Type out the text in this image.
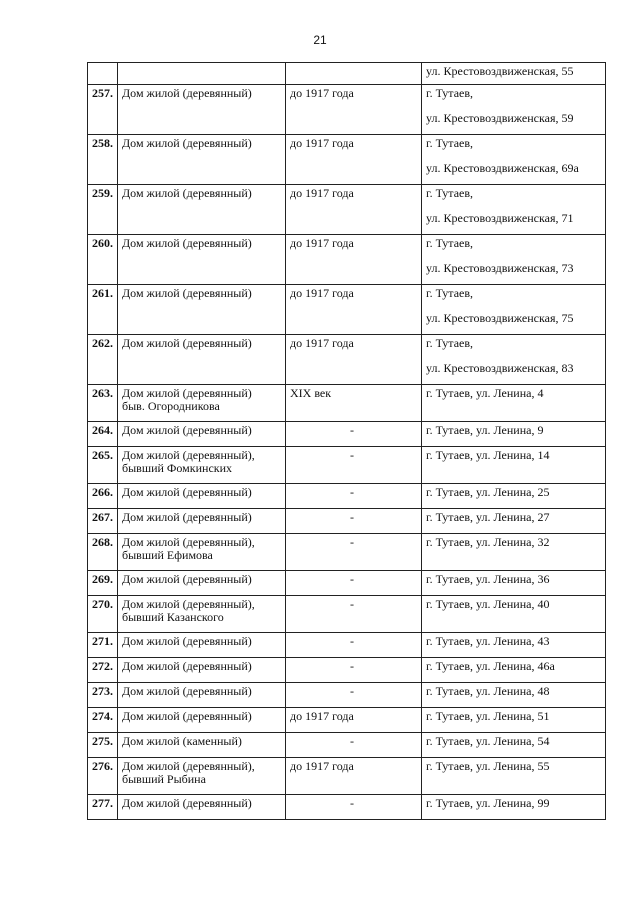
21
			ул. Крестовоздвиженская, 55
257.	Дом жилой (деревянный)	до 1917 года	г. Тутаев,
ул. Крестовоздвиженская, 59

258.	Дом жилой (деревянный)	до 1917 года	г. Тутаев,
ул. Крестовоздвиженская, 69а

259.	Дом жилой (деревянный)	до 1917 года	г. Тутаев,
ул. Крестовоздвиженская, 71

260.	Дом жилой (деревянный)	до 1917 года	г. Тутаев,
ул. Крестовоздвиженская, 73

261.	Дом жилой (деревянный)	до 1917 года	г. Тутаев,
ул. Крестовоздвиженская, 75

262.	Дом жилой (деревянный)	до 1917 года	г. Тутаев,
ул. Крестовоздвиженская, 83

263.	Дом жилой (деревянный)
быв. Огородникова	XIX век	г. Тутаев, ул. Ленина, 4

264.	Дом жилой (деревянный)	-	г. Тутаев, ул. Ленина, 9

265.	Дом жилой (деревянный),
бывший Фомкинских	-	г. Тутаев, ул. Ленина, 14

266.	Дом жилой (деревянный)	-	г. Тутаев, ул. Ленина, 25

267.	Дом жилой (деревянный)	-	г. Тутаев, ул. Ленина, 27

268.	Дом жилой (деревянный),
бывший Ефимова	-	г. Тутаев, ул. Ленина, 32

269.	Дом жилой (деревянный)	-	г. Тутаев, ул. Ленина, 36

270.	Дом жилой (деревянный),
бывший Казанского	-	г. Тутаев, ул. Ленина, 40

271.	Дом жилой (деревянный)	-	г. Тутаев, ул. Ленина, 43

272.	Дом жилой (деревянный)	-	г. Тутаев, ул. Ленина, 46а

273.	Дом жилой (деревянный)	-	г. Тутаев, ул. Ленина, 48

274.	Дом жилой (деревянный)	до 1917 года	г. Тутаев, ул. Ленина, 51

275.	Дом жилой (каменный)	-	г. Тутаев, ул. Ленина, 54

276.	Дом жилой (деревянный),
бывший Рыбина	до 1917 года	г. Тутаев, ул. Ленина, 55

277.	Дом жилой (деревянный)	-	г. Тутаев, ул. Ленина, 99
